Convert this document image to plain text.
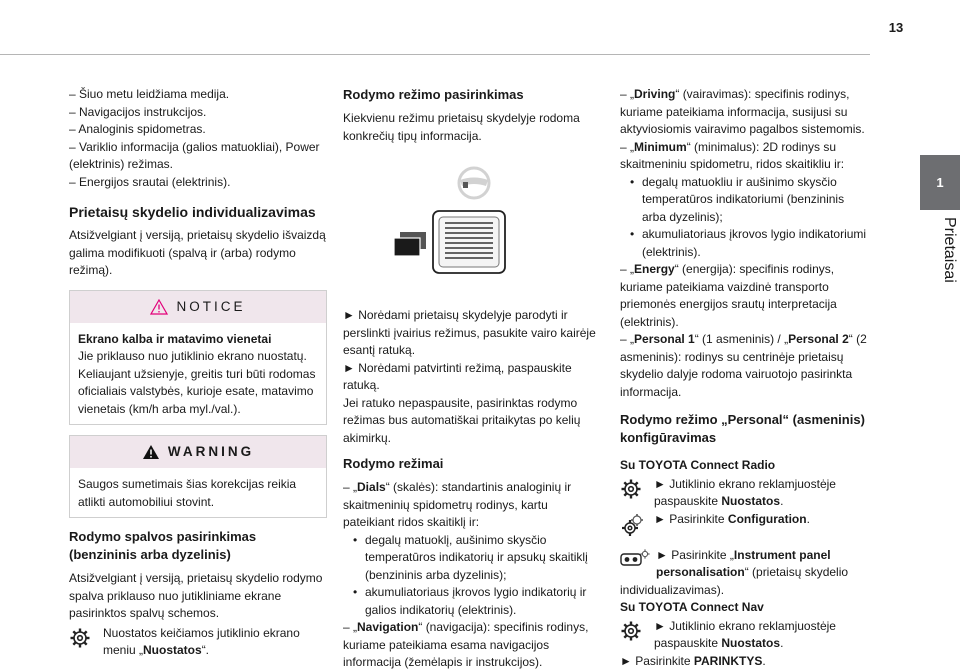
13
1
Prietaisai
– Šiuo metu leidžiama medija.
– Navigacijos instrukcijos.
– Analoginis spidometras.
– Variklio informacija (galios matuokliai), Power (elektrinis) režimas.
– Energijos srautai (elektrinis).
Prietaisų skydelio individualizavimas

Atsižvelgiant į versiją, prietaisų skydelio išvaizdą galima modifikuoti (spalvą ir (arba) rodymo režimą).

NOTICE
Ekrano kalba ir matavimo vienetai
Jie priklauso nuo jutiklinio ekrano nuostatų. Keliaujant užsienyje, greitis turi būti rodomas oficialiais valstybės, kurioje esate, matavimo vienetais (km/h arba myl./val.).
WARNING
Saugos sumetimais šias korekcijas reikia atlikti automobiliui stovint.
Rodymo spalvos pasirinkimas (benzininis arba dyzelinis)

Atsižvelgiant į versiją, prietaisų skydelio rodymo spalva priklauso nuo jutikliniame ekrane pasirinktos spalvų schemos.

Nuostatos keičiamos jutiklinio ekrano meniu „Nuostatos“.
Rodymo režimo pasirinkimas

Kiekvienu režimu prietaisų skydelyje rodoma konkrečių tipų informacija.

► Norėdami prietaisų skydelyje parodyti ir perslinkti įvairius režimus, pasukite vairo kairėje esantį ratuką.

► Norėdami patvirtinti režimą, paspauskite ratuką.

Jei ratuko nepaspausite, pasirinktas rodymo režimas bus automatiškai pritaikytas po kelių akimirkų.

Rodymo režimai
– „Dials“ (skalės): standartinis analoginių ir skaitmeninių spidometrų rodinys, kartu pateikiant ridos skaitiklį ir:
• degalų matuoklį, aušinimo skysčio temperatūros indikatorių ir apsukų skaitiklį (benzininis arba dyzelinis);
• akumuliatoriaus įkrovos lygio indikatorių ir galios indikatorių (elektrinis).
– „Navigation“ (navigacija): specifinis rodinys, kuriame pateikiama esama navigacijos informacija (žemėlapis ir instrukcijos).
– „Driving“ (vairavimas): specifinis rodinys, kuriame pateikiama informacija, susijusi su aktyviosiomis vairavimo pagalbos sistemomis.
– „Minimum“ (minimalus): 2D rodinys su skaitmeniniu spidometru, ridos skaitikliu ir:
• degalų matuokliu ir aušinimo skysčio temperatūros indikatoriumi (benzininis arba dyzelinis);
• akumuliatoriaus įkrovos lygio indikatoriumi (elektrinis).
– „Energy“ (energija): specifinis rodinys, kuriame pateikiama vaizdinė transporto priemonės energijos srautų interpretacija (elektrinis).
– „Personal 1“ (1 asmeninis) / „Personal 2“ (2 asmeninis): rodinys su centrinėje prietaisų skydelio dalyje rodoma vairuotojo pasirinkta informacija.
Rodymo režimo „Personal“ (asmeninis) konfigūravimas
Su TOYOTA Connect Radio
► Jutiklinio ekrano reklamjuostėje paspauskite Nuostatos.
► Pasirinkite Configuration.
► Pasirinkite „Instrument panel personalisation“ (prietaisų skydelio individualizavimas).
Su TOYOTA Connect Nav
► Jutiklinio ekrano reklamjuostėje paspauskite Nuostatos.
► Pasirinkite PARINKTYS.
